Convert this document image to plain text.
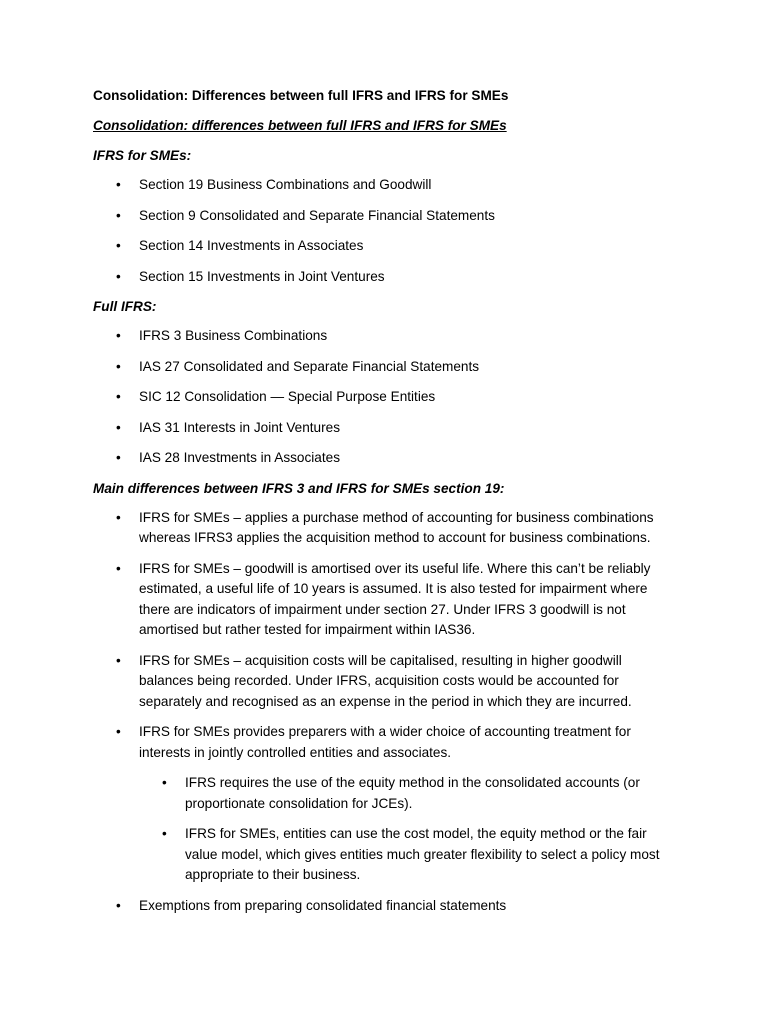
Consolidation: Differences between full IFRS and IFRS for SMEs

Consolidation: differences between full IFRS and IFRS for SMEs

IFRS for SMEs:

• Section 19 Business Combinations and Goodwill
• Section 9 Consolidated and Separate Financial Statements
• Section 14 Investments in Associates
• Section 15 Investments in Joint Ventures

Full IFRS:

• IFRS 3 Business Combinations
• IAS 27 Consolidated and Separate Financial Statements
• SIC 12 Consolidation — Special Purpose Entities
• IAS 31 Interests in Joint Ventures
• IAS 28 Investments in Associates

Main differences between IFRS 3 and IFRS for SMEs section 19:

• IFRS for SMEs – applies a purchase method of accounting for business combinations whereas IFRS3 applies the acquisition method to account for business combinations.
• IFRS for SMEs – goodwill is amortised over its useful life. Where this can’t be reliably estimated, a useful life of 10 years is assumed. It is also tested for impairment where there are indicators of impairment under section 27. Under IFRS 3 goodwill is not amortised but rather tested for impairment within IAS36.
• IFRS for SMEs – acquisition costs will be capitalised, resulting in higher goodwill balances being recorded. Under IFRS, acquisition costs would be accounted for separately and recognised as an expense in the period in which they are incurred.
• IFRS for SMEs provides preparers with a wider choice of accounting treatment for interests in jointly controlled entities and associates.
• IFRS requires the use of the equity method in the consolidated accounts (or proportionate consolidation for JCEs).
• IFRS for SMEs, entities can use the cost model, the equity method or the fair value model, which gives entities much greater flexibility to select a policy most appropriate to their business.
• Exemptions from preparing consolidated financial statements
